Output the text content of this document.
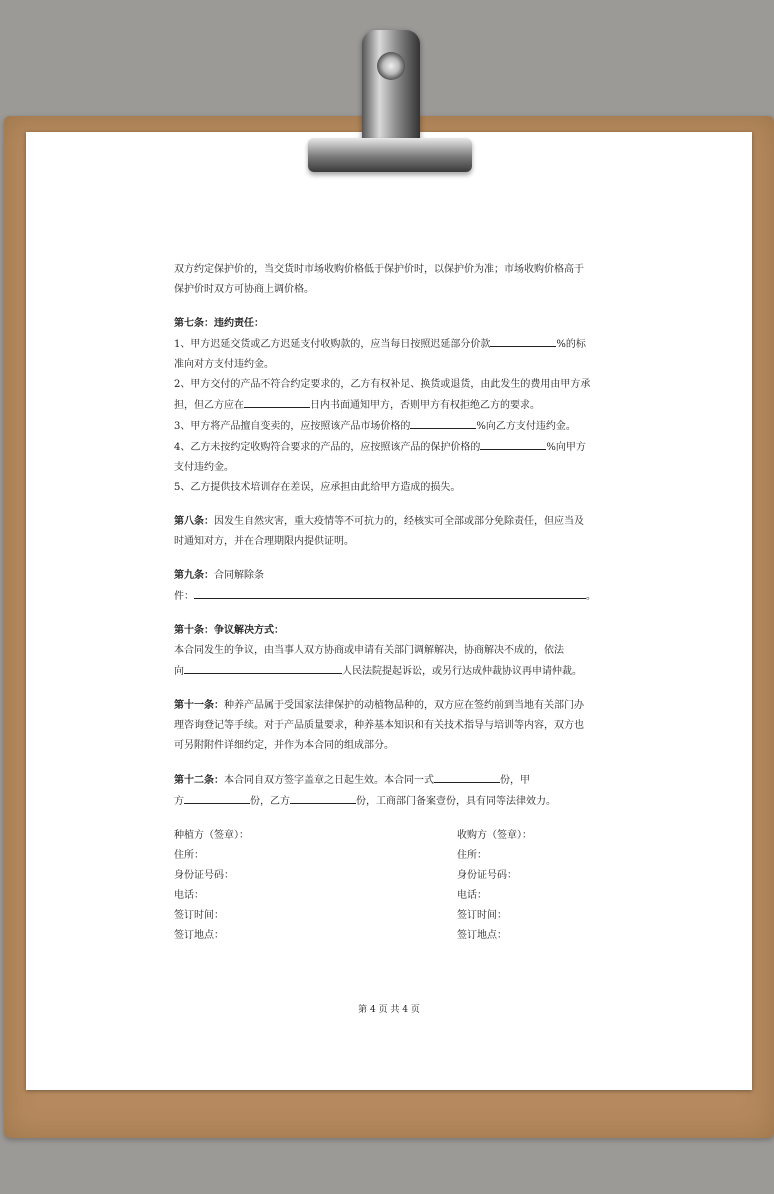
双方约定保护价的，当交货时市场收购价格低于保护价时，以保护价为准；市场收购价格高于

保护价时双方可协商上调价格。

第七条：违约责任：

1、甲方迟延交货或乙方迟延支付收购款的，应当每日按照迟延部分价款	%的标

准向对方支付违约金。

2、甲方交付的产品不符合约定要求的，乙方有权补足、换货或退货，由此发生的费用由甲方承

担，但乙方应在	日内书面通知甲方，否则甲方有权拒绝乙方的要求。

3、甲方将产品擅自变卖的，应按照该产品市场价格的	%向乙方支付违约金。

4、乙方未按约定收购符合要求的产品的，应按照该产品的保护价格的	%向甲方

支付违约金。

5、乙方提供技术培训存在差误，应承担由此给甲方造成的损失。

第八条：因发生自然灾害，重大疫情等不可抗力的，经核实可全部或部分免除责任，但应当及

时通知对方，并在合理期限内提供证明。

第九条：合同解除条

件：	。

第十条：争议解决方式：

本合同发生的争议，由当事人双方协商或申请有关部门调解解决，协商解决不成的，依法

向	人民法院提起诉讼，或另行达成仲裁协议再申请仲裁。

第十一条：种养产品属于受国家法律保护的动植物品种的，双方应在签约前到当地有关部门办

理咨询登记等手续。对于产品质量要求，种养基本知识和有关技术指导与培训等内容，双方也

可另附附件详细约定，并作为本合同的组成部分。

第十二条：本合同自双方签字盖章之日起生效。本合同一式	份，甲

方	份，乙方	份，工商部门备案壹份，具有同等法律效力。

种植方（签章）：	收购方（签章）：
住所：	住所：
身份证号码：	身份证号码：
电话：	电话：
签订时间：	签订时间：
签订地点：	签订地点：
第 4 页 共 4 页
